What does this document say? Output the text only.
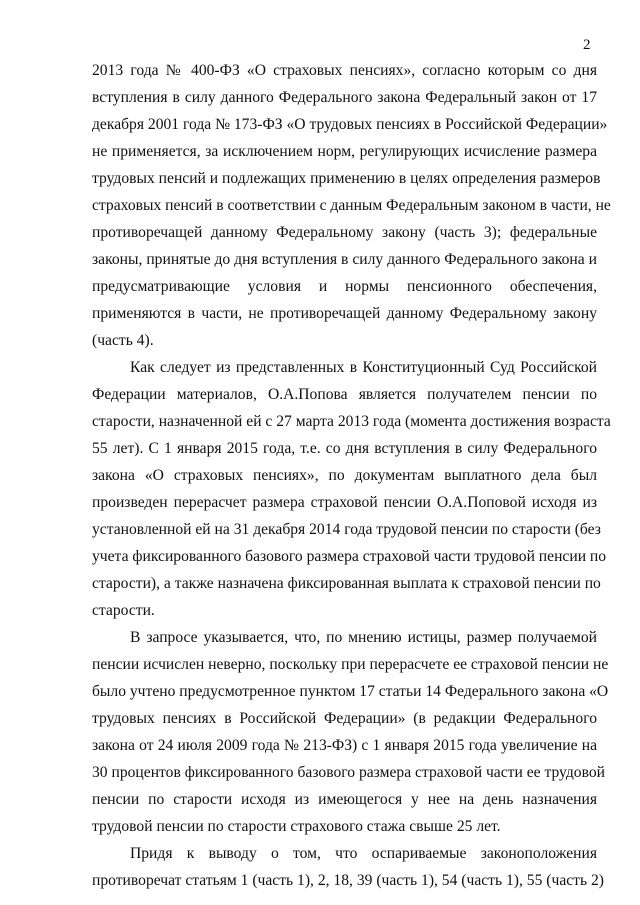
2
2013 года № 400-ФЗ «О страховых пенсиях», согласно которым со дня
вступления в силу данного Федерального закона Федеральный закон от 17
декабря 2001 года № 173-ФЗ «О трудовых пенсиях в Российской Федерации»
не применяется, за исключением норм, регулирующих исчисление размера
трудовых пенсий и подлежащих применению в целях определения размеров
страховых пенсий в соответствии с данным Федеральным законом в части, не
противоречащей данному Федеральному закону (часть 3); федеральные
законы, принятые до дня вступления в силу данного Федерального закона и
предусматривающие условия и нормы пенсионного обеспечения,
применяются в части, не противоречащей данному Федеральному закону
(часть 4).
Как следует из представленных в Конституционный Суд Российской
Федерации материалов, О.А.Попова является получателем пенсии по
старости, назначенной ей с 27 марта 2013 года (момента достижения возраста
55 лет). С 1 января 2015 года, т.е. со дня вступления в силу Федерального
закона «О страховых пенсиях», по документам выплатного дела был
произведен перерасчет размера страховой пенсии О.А.Поповой исходя из
установленной ей на 31 декабря 2014 года трудовой пенсии по старости (без
учета фиксированного базового размера страховой части трудовой пенсии по
старости), а также назначена фиксированная выплата к страховой пенсии по
старости.
В запросе указывается, что, по мнению истицы, размер получаемой
пенсии исчислен неверно, поскольку при перерасчете ее страховой пенсии не
было учтено предусмотренное пунктом 17 статьи 14 Федерального закона «О
трудовых пенсиях в Российской Федерации» (в редакции Федерального
закона от 24 июля 2009 года № 213-ФЗ) с 1 января 2015 года увеличение на
30 процентов фиксированного базового размера страховой части ее трудовой
пенсии по старости исходя из имеющегося у нее на день назначения
трудовой пенсии по старости страхового стажа свыше 25 лет.
Придя к выводу о том, что оспариваемые законоположения
противоречат статьям 1 (часть 1), 2, 18, 39 (часть 1), 54 (часть 1), 55 (часть 2)
